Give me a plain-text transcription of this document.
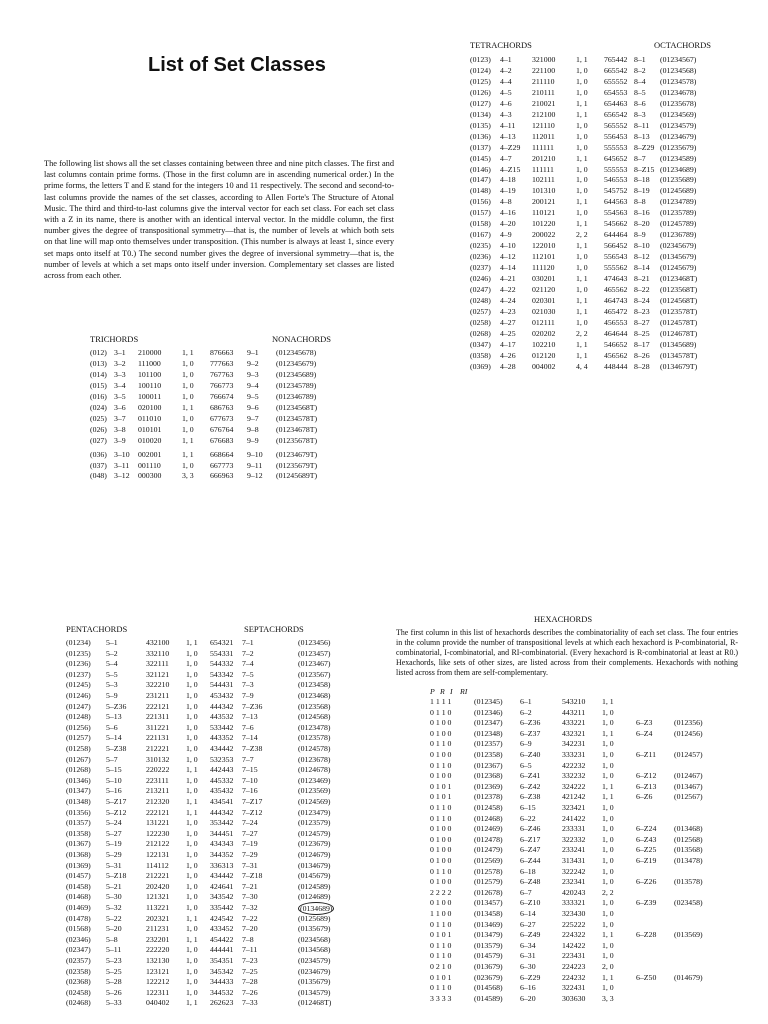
List of Set Classes
The following list shows all the set classes containing between three and nine pitch classes. The first and last columns contain prime forms. (Those in the first column are in ascending numerical order.) In the prime forms, the letters T and E stand for the integers 10 and 11 respectively. The second and second-to-last columns provide the names of the set classes, according to Allen Forte's The Structure of Atonal Music. The third and third-to-last columns give the interval vector for each set class. For each set class with a Z in its name, there is another with an identical interval vector. In the middle column, the first number gives the degree of transpositional symmetry—that is, the number of levels at which both sets on that line will map onto themselves under transposition. (This number is always at least 1, since every set maps onto itself at T0.) The second number gives the degree of inversional symmetry—that is, the number of levels at which a set maps onto itself under inversion. Complementary set classes are listed across from each other.
TRICHORDS	NONACHORDS
(012) 3–1 210000	1, 1 876663 9–1 (012345678)
(013) 3–2 111000	1, 0 777663 9–2 (012345679)
(014) 3–3 101100	1, 0 767763 9–3 (012345689)
(015) 3–4 100110	1, 0 766773 9–4 (012345789)
(016) 3–5 100011	1, 0 766674 9–5 (012346789)
(024) 3–6 020100	1, 1 686763 9–6 (01234568T)
(025) 3–7 011010	1, 0 677673 9–7 (01234578T)
(026) 3–8 010101	1, 0 676764 9–8 (01234678T)
(027) 3–9 010020	1, 1 676683 9–9 (01235678T)
(036) 3–10 002001	1, 1 668664 9–10 (01234679T)
(037) 3–11 001110	1, 0 667773 9–11 (01235679T)
(048) 3–12 000300	3, 3 666963 9–12 (01245689T)
TETRACHORDS	OCTACHORDS
(0123) 4–1	321000	1, 1 765442 8–1 (01234567)
(0124) 4–2	221100	1, 0 665542 8–2 (01234568)
(0125) 4–4	211110	1, 0 655552 8–4 (01234578)
(0126) 4–5	210111	1, 0 654553 8–5 (01234678)
(0127) 4–6	210021	1, 1 654463 8–6 (01235678)
(0134) 4–3	212100	1, 1 656542 8–3 (01234569)
(0135) 4–11 121110	1, 0 565552 8–11 (01234579)
(0136) 4–13 112011	1, 0 556453 8–13 (01234679)
(0137) 4–Z29 111111	1, 0 555553 8–Z29 (01235679)
(0145) 4–7	201210	1, 1 645652 8–7 (01234589)
(0146) 4–Z15 111111	1, 0 555553 8–Z15 (01234689)
(0147) 4–18 102111	1, 0 546553 8–18 (01235689)
(0148) 4–19 101310	1, 0 545752 8–19 (01245689)
(0156) 4–8	200121	1, 1 644563 8–8 (01234789)
(0157) 4–16 110121	1, 0 554563 8–16 (01235789)
(0158) 4–20 101220	1, 1 545662 8–20 (01245789)
(0167) 4–9	200022	2, 2 644464 8–9 (01236789)
(0235) 4–10 122010	1, 1 566452 8–10 (02345679)
(0236) 4–12 112101	1, 0 556543 8–12 (01345679)
(0237) 4–14 111120	1, 0 555562 8–14 (01245679)
(0246) 4–21 030201	1, 1 474643 8–21 (0123468T)
(0247) 4–22 021120	1, 0 465562 8–22 (0123568T)
(0248) 4–24 020301	1, 1 464743 8–24 (0124568T)
(0257) 4–23 021030	1, 1 465472 8–23 (0123578T)
(0258) 4–27 012111	1, 0 456553 8–27 (0124578T)
(0268) 4–25 020202	2, 2 464644 8–25 (0124678T)
(0347) 4–17 102210	1, 1 546652 8–17 (01345689)
(0358) 4–26 012120	1, 1 456562 8–26 (0134578T)
(0369) 4–28 004002	4, 4 448444 8–28 (0134679T)
PENTACHORDS	SEPTACHORDS
(01234) 5–1	432100 1, 1 654321 7–1	(0123456)
(01235) 5–2	332110 1, 0 554331 7–2	(0123457)
(01236) 5–4	322111 1, 0 544332 7–4	(0123467)
(01237) 5–5	321121 1, 0 543342 7–5	(0123567)
(01245) 5–3	322210 1, 0 544431 7–3	(0123458)
(01246) 5–9	231211 1, 0 453432 7–9	(0123468)
(01247) 5–Z36	222121 1, 0 444342 7–Z36	(0123568)
(01248) 5–13	221311 1, 0 443532 7–13	(0124568)
(01256) 5–6	311221 1, 0 533442 7–6	(0123478)
(01257) 5–14	221131 1, 0 443352 7–14	(0123578)
(01258) 5–Z38	212221 1, 0 434442 7–Z38	(0124578)
(01267) 5–7	310132 1, 0 532353 7–7	(0123678)
(01268) 5–15	220222 1, 1 442443 7–15	(0124678)
(01346) 5–10	223111 1, 0 445332 7–10	(0123469)
(01347) 5–16	213211 1, 0 435432 7–16	(0123569)
(01348) 5–Z17	212320 1, 1 434541 7–Z17	(0124569)
(01356) 5–Z12	222121 1, 1 444342 7–Z12	(0123479)
(01357) 5–24	131221 1, 0 353442 7–24	(0123579)
(01358) 5–27	122230 1, 0 344451 7–27	(0124579)
(01367) 5–19	212122 1, 0 434343 7–19	(0123679)
(01368) 5–29	122131 1, 0 344352 7–29	(0124679)
(01369) 5–31	114112 1, 0 336313 7–31	(0134679)
(01457) 5–Z18	212221 1, 0 434442 7–Z18	(0145679)
(01458) 5–21	202420 1, 0 424641 7–21	(0124589)
(01468) 5–30	121321 1, 0 343542 7–30	(0124689)
(01469) 5–32	113221 1, 0 335442 7–32	(0134689)
(01478) 5–22	202321 1, 1 424542 7–22	(0125689)
(01568) 5–20	211231 1, 0 433452 7–20	(0135679)
(02346) 5–8	232201 1, 1 454422 7–8	(0234568)
(02347) 5–11	222220 1, 0 444441 7–11	(0134568)
(02357) 5–23	132130 1, 0 354351 7–23	(0234579)
(02358) 5–25	123121 1, 0 345342 7–25	(0234679)
(02368) 5–28	122212 1, 0 344433 7–28	(0135679)
(02458) 5–26	122311 1, 0 344532 7–26	(0134579)
(02468) 5–33	040402 1, 1 262623 7–33	(012468T)
HEXACHORDS
The first column in this list of hexachords describes the combinatoriality of each set class. The four entries in the column provide the number of transpositional levels at which each hexachord is P-combinatorial, R-combinatorial, I-combinatorial, and RI-combinatorial. (Every hexachord is R-combinatorial at least at R0.) Hexachords, like sets of other sizes, are listed across from their complements. Hexachords with nothing listed across from them are self-complementary.
P R I RI
1 1 1 1	(012345) 6–1	543210 1, 1
0 1 1 0	(012346) 6–2	443211 1, 0
0 1 0 0	(012347) 6–Z36	433221 1, 0	6–Z3	(012356)
0 1 0 0	(012348) 6–Z37	432321 1, 1	6–Z4	(012456)
0 1 1 0	(012357) 6–9	342231 1, 0
0 1 0 0	(012358) 6–Z40	333231 1, 0	6–Z11 (012457)
0 1 1 0	(012367) 6–5	422232 1, 0
0 1 0 0	(012368) 6–Z41	332232 1, 0	6–Z12 (012467)
0 1 0 1	(012369) 6–Z42	324222 1, 1	6–Z13 (013467)
0 1 0 1	(012378) 6–Z38	421242 1, 1	6–Z6	(012567)
0 1 1 0	(012458) 6–15	323421 1, 0
0 1 1 0	(012468) 6–22	241422 1, 0
0 1 0 0	(012469) 6–Z46	233331 1, 0	6–Z24 (013468)
0 1 0 0	(012478) 6–Z17	322332 1, 0	6–Z43 (012568)
0 1 0 0	(012479) 6–Z47	233241 1, 0	6–Z25 (013568)
0 1 0 0	(012569) 6–Z44	313431 1, 0	6–Z19 (013478)
0 1 1 0	(012578) 6–18	322242 1, 0
0 1 0 0	(012579) 6–Z48	232341 1, 0	6–Z26 (013578)
2 2 2 2	(012678) 6–7	420243 2, 2
0 1 0 0	(013457) 6–Z10	333321 1, 0	6–Z39 (023458)
1 1 0 0	(013458) 6–14	323430 1, 0
0 1 1 0	(013469) 6–27	225222 1, 0
0 1 0 1	(013479) 6–Z49	224322 1, 1	6–Z28 (013569)
0 1 1 0	(013579) 6–34	142422 1, 0
0 1 1 0	(014579) 6–31	223431 1, 0
0 2 1 0	(013679) 6–30	224223 2, 0
0 1 0 1	(023679) 6–Z29	224232 1, 1	6–Z50 (014679)
0 1 1 0	(014568) 6–16	322431 1, 0
3 3 3 3	(014589) 6–20	303630 3, 3
